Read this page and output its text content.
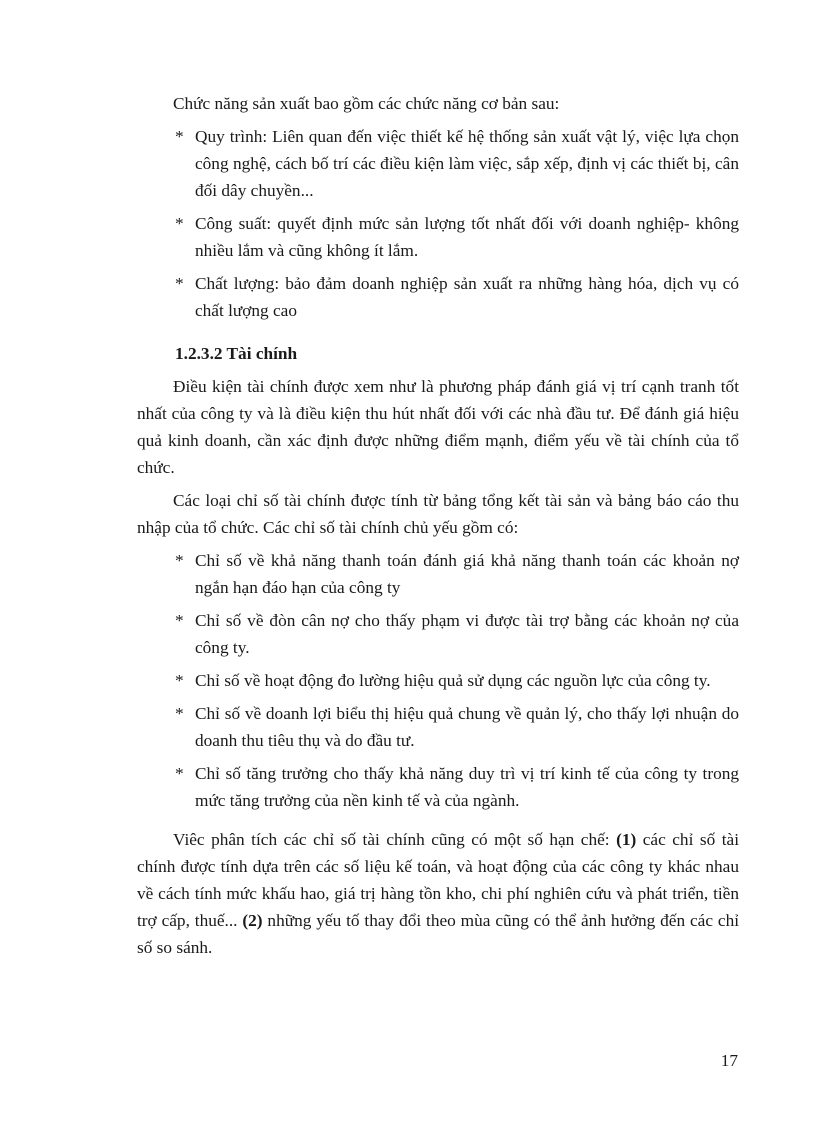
Chức năng sản xuất bao gồm các chức năng cơ bản sau:

* Quy trình: Liên quan đến việc thiết kế hệ thống sản xuất vật lý, việc lựa chọn công nghệ, cách bố trí các điều kiện làm việc, sắp xếp, định vị các thiết bị, cân đối dây chuyền...

* Công suất: quyết định mức sản lượng tốt nhất đối với doanh nghiệp- không nhiều lắm và cũng không ít lắm.

* Chất lượng: bảo đảm doanh nghiệp sản xuất ra những hàng hóa, dịch vụ có chất lượng cao

1.2.3.2 Tài chính

Điều kiện tài chính được xem như là phương pháp đánh giá vị trí cạnh tranh tốt nhất của công ty và là điều kiện thu hút nhất đối với các nhà đầu tư. Để đánh giá hiệu quả kinh doanh, cần xác định được những điểm mạnh, điểm yếu về tài chính của tổ chức.

Các loại chỉ số tài chính được tính từ bảng tổng kết tài sản và bảng báo cáo thu nhập của tổ chức. Các chỉ số tài chính chủ yếu gồm có:

* Chỉ số về khả năng thanh toán đánh giá khả năng thanh toán các khoản nợ ngắn hạn đáo hạn của công ty

* Chỉ số về đòn cân nợ cho thấy phạm vi được tài trợ bằng các khoản nợ của công ty.

* Chỉ số về hoạt động đo lường hiệu quả sử dụng các nguồn lực của công ty.

* Chỉ số về doanh lợi biểu thị hiệu quả chung về quản lý, cho thấy lợi nhuận do doanh thu tiêu thụ và do đầu tư.

* Chỉ số tăng trưởng cho thấy khả năng duy trì vị trí kinh tế của công ty trong mức tăng trưởng của nền kinh tế và của ngành.

Viêc phân tích các chỉ số tài chính cũng có một số hạn chế: (1) các chỉ số tài chính được tính dựa trên các số liệu kế toán, và hoạt động của các công ty khác nhau về cách tính mức khấu hao, giá trị hàng tồn kho, chi phí nghiên cứu và phát triển, tiền trợ cấp, thuế... (2) những yếu tố thay đổi theo mùa cũng có thể ảnh hưởng đến các chỉ số so sánh.

17
